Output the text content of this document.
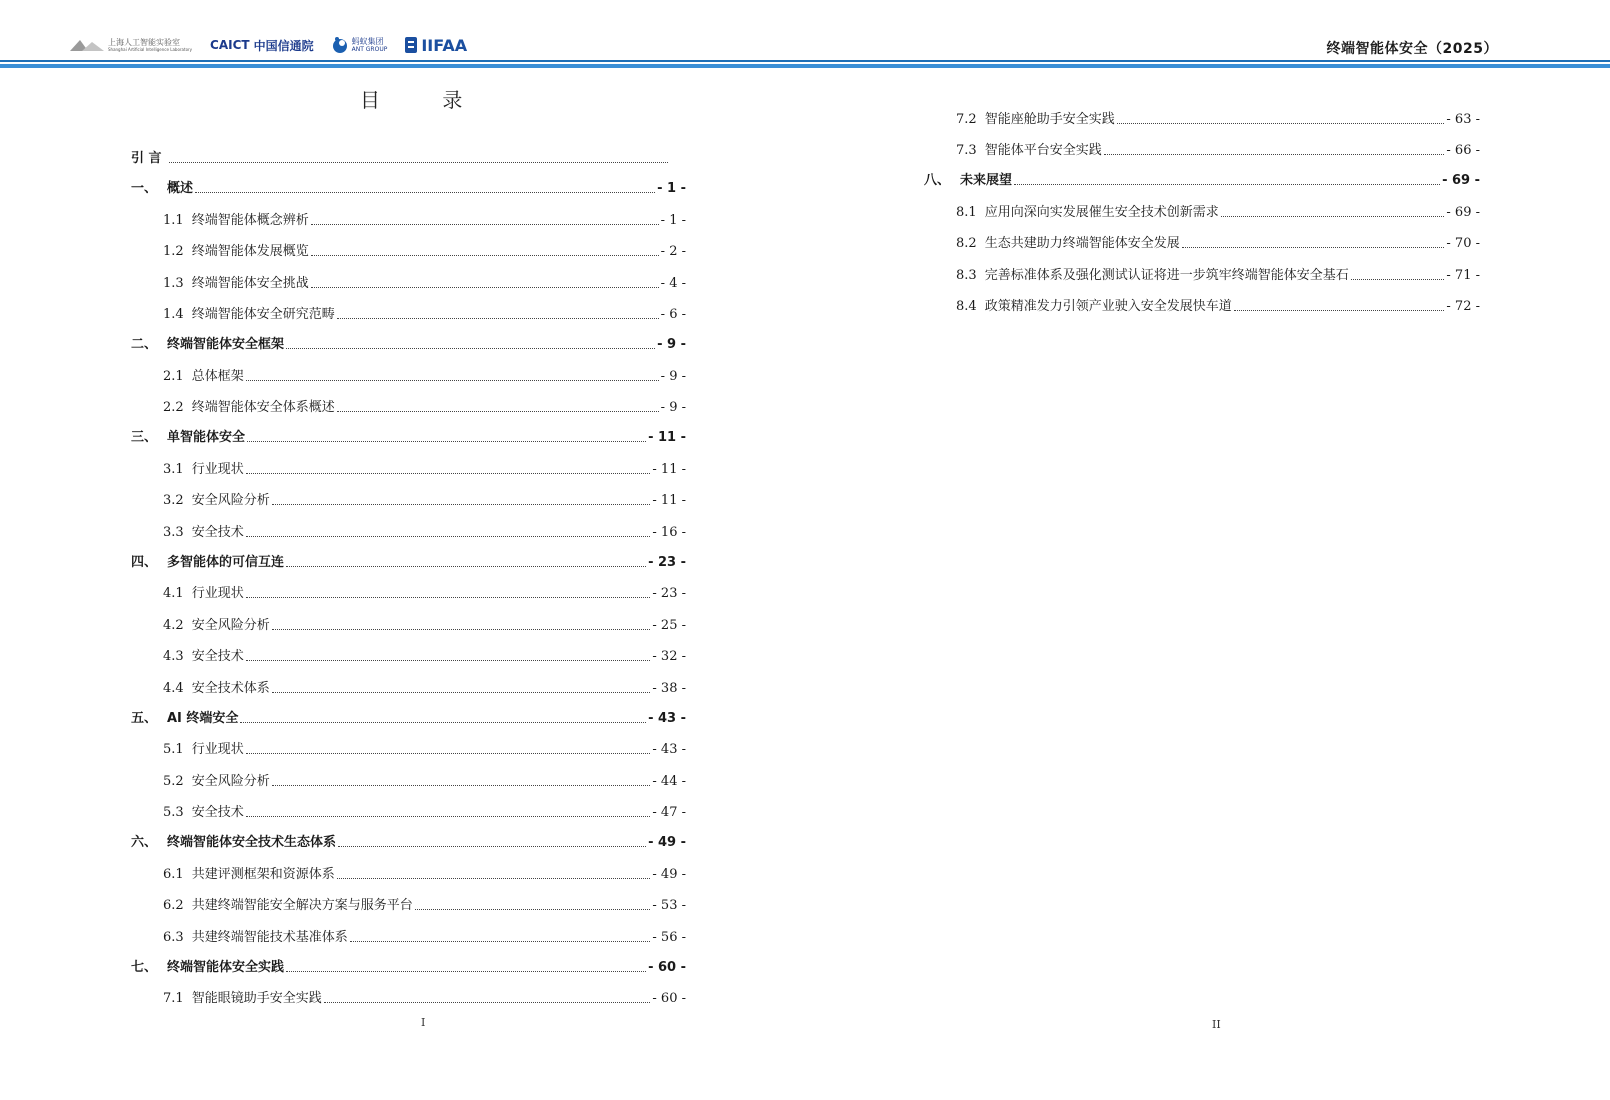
上海人工智能实验室
Shanghai Artificial Intelligence Laboratory CAICT 中国信通院	蚂蚁集团
ANT GROUP IIFAA	终端智能体安全（2025）
目 录
引 言
一、 概述	- 1 -
1.1 终端智能体概念辨析	- 1 -
1.2 终端智能体发展概览	- 2 -
1.3 终端智能体安全挑战	- 4 -
1.4 终端智能体安全研究范畴	- 6 -
二、 终端智能体安全框架	- 9 -
2.1 总体框架	- 9 -
2.2 终端智能体安全体系概述	- 9 -
三、 单智能体安全	- 11 -
3.1 行业现状	- 11 -
3.2 安全风险分析	- 11 -
3.3 安全技术	- 16 -
四、 多智能体的可信互连	- 23 -
4.1 行业现状	- 23 -
4.2 安全风险分析	- 25 -
4.3 安全技术	- 32 -
4.4 安全技术体系	- 38 -
五、 AI 终端安全	- 43 -
5.1 行业现状	- 43 -
5.2 安全风险分析	- 44 -
5.3 安全技术	- 47 -
六、 终端智能体安全技术生态体系	- 49 -
6.1 共建评测框架和资源体系	- 49 -
6.2 共建终端智能安全解决方案与服务平台	- 53 -
6.3 共建终端智能技术基准体系	- 56 -
七、 终端智能体安全实践	- 60 -
7.1 智能眼镜助手安全实践	- 60 -
7.2 智能座舱助手安全实践	- 63 -
7.3 智能体平台安全实践	- 66 -
八、 未来展望	- 69 -
8.1 应用向深向实发展催生安全技术创新需求	- 69 -
8.2 生态共建助力终端智能体安全发展	- 70 -
8.3 完善标准体系及强化测试认证将进一步筑牢终端智能体安全基石	- 71 -
8.4 政策精准发力引领产业驶入安全发展快车道	- 72 -
I	II
